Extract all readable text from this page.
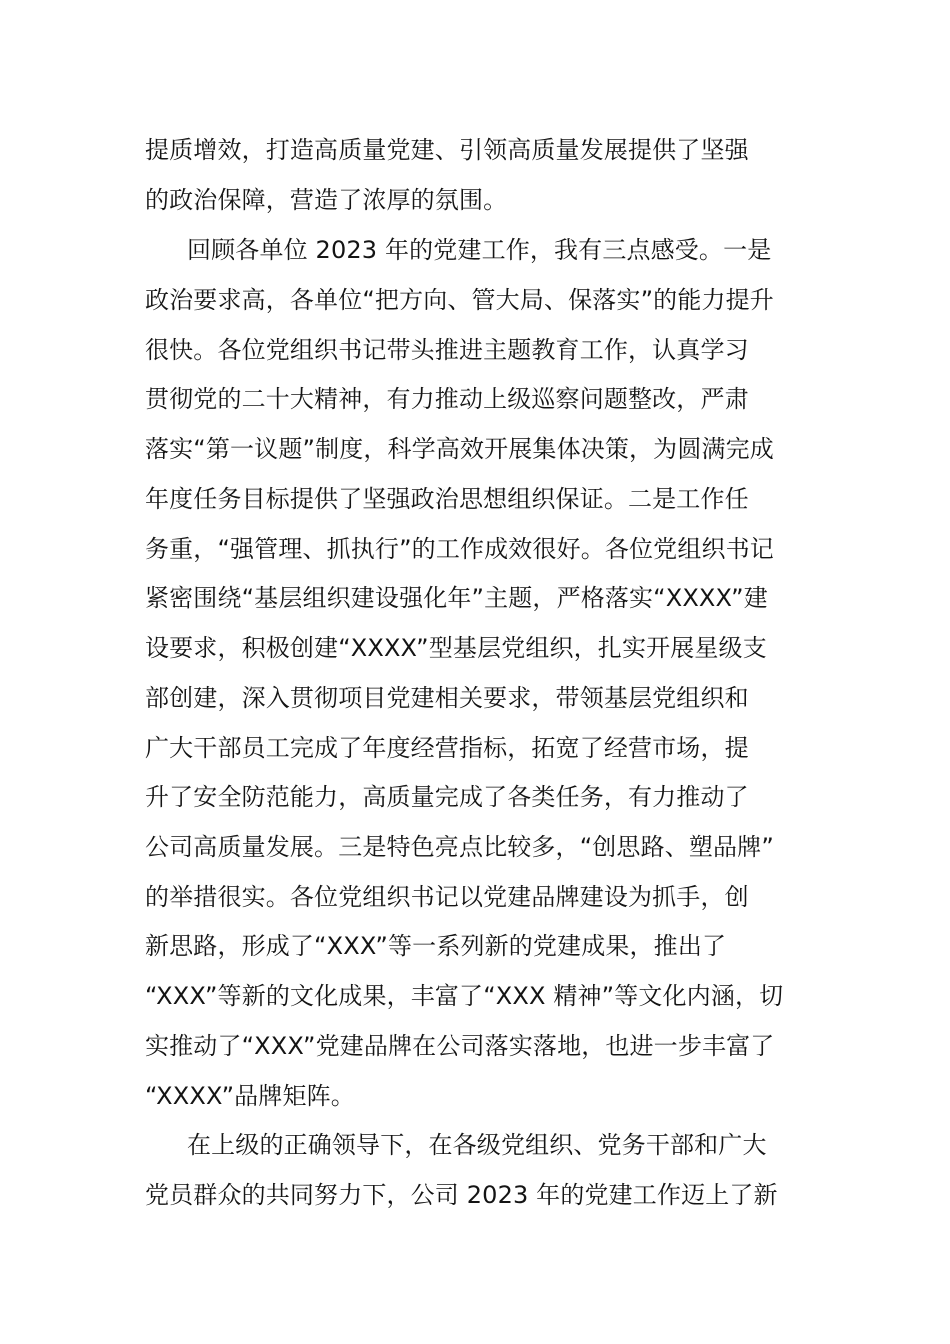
提质增效，打造高质量党建、引领高质量发展提供了坚强
的政治保障，营造了浓厚的氛围。
回顾各单位 2023 年的党建工作，我有三点感受。一是
政治要求高，各单位“把方向、管大局、保落实”的能力提升
很快。各位党组织书记带头推进主题教育工作，认真学习
贯彻党的二十大精神，有力推动上级巡察问题整改，严肃
落实“第一议题”制度，科学高效开展集体决策，为圆满完成
年度任务目标提供了坚强政治思想组织保证。二是工作任
务重，“强管理、抓执行”的工作成效很好。各位党组织书记
紧密围绕“基层组织建设强化年”主题，严格落实“XXXX”建
设要求，积极创建“XXXX”型基层党组织，扎实开展星级支
部创建，深入贯彻项目党建相关要求，带领基层党组织和
广大干部员工完成了年度经营指标，拓宽了经营市场，提
升了安全防范能力，高质量完成了各类任务，有力推动了
公司高质量发展。三是特色亮点比较多，“创思路、塑品牌”
的举措很实。各位党组织书记以党建品牌建设为抓手，创
新思路，形成了“XXX”等一系列新的党建成果，推出了
“XXX”等新的文化成果，丰富了“XXX 精神”等文化内涵，切
实推动了“XXX”党建品牌在公司落实落地，也进一步丰富了
“XXXX”品牌矩阵。
在上级的正确领导下，在各级党组织、党务干部和广大
党员群众的共同努力下，公司 2023 年的党建工作迈上了新
